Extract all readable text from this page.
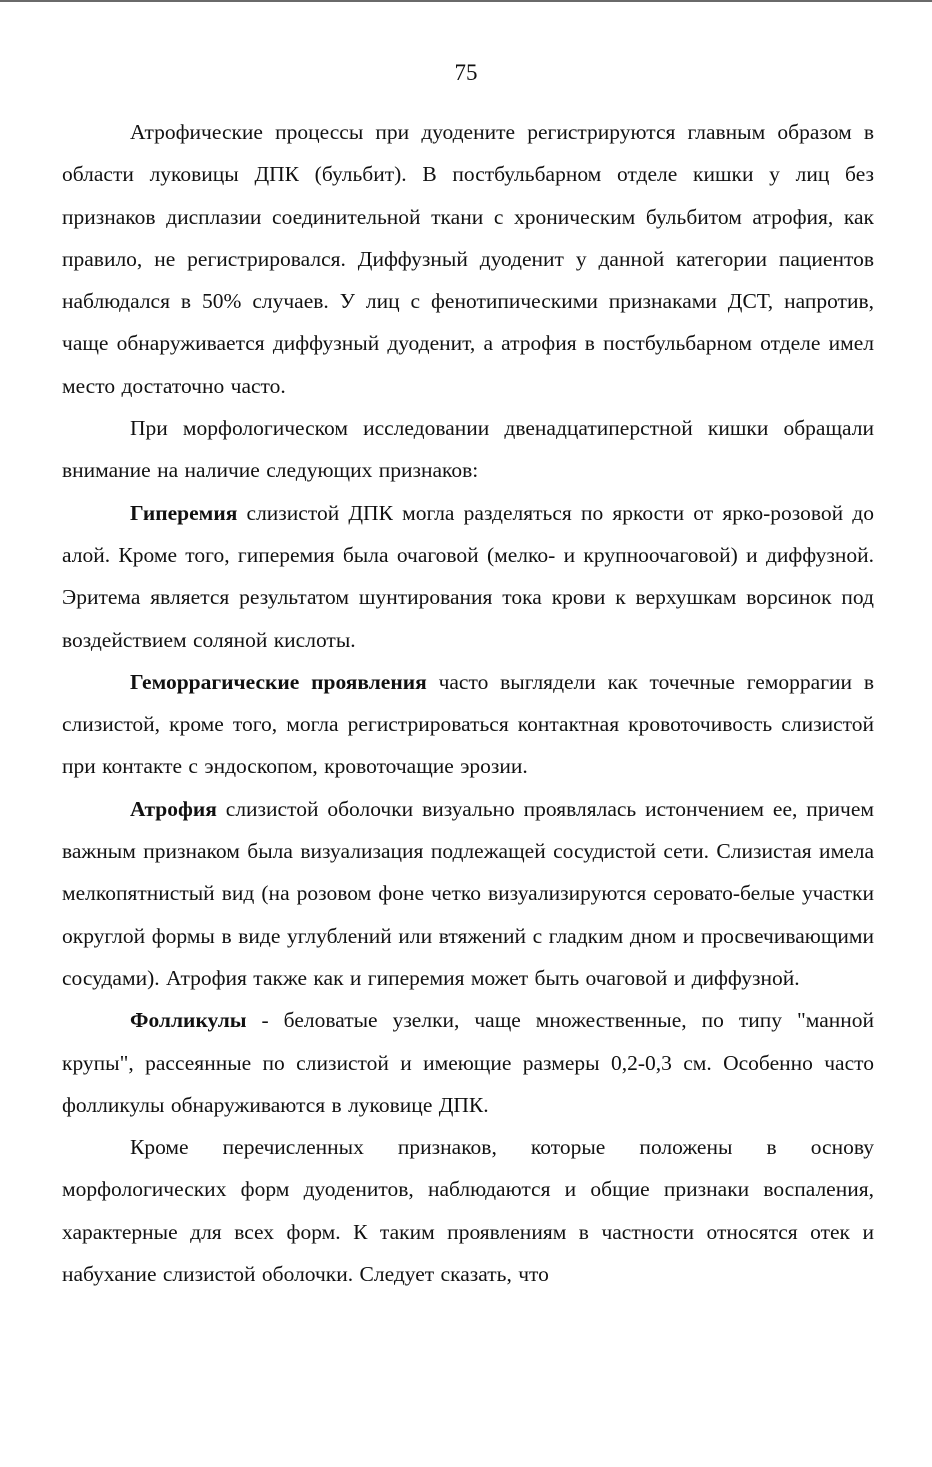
75

Атрофические процессы при дуодените регистрируются главным образом в области луковицы ДПК (бульбит). В постбульбарном отделе кишки у лиц без признаков дисплазии соединительной ткани с хроническим бульбитом атрофия, как правило, не регистрировался. Диффузный дуоденит у данной категории пациентов наблюдался в 50% случаев. У лиц с фенотипическими признаками ДСТ, напротив, чаще обнаруживается диффузный дуоденит, а атрофия в постбульбарном отделе имел место достаточно часто.

При морфологическом исследовании двенадцатиперстной кишки обращали внимание на наличие следующих признаков:

Гиперемия слизистой ДПК могла разделяться по яркости от ярко-розовой до алой. Кроме того, гиперемия была очаговой (мелко- и крупноочаговой) и диффузной. Эритема является результатом шунтирования тока крови к верхушкам ворсинок под воздействием соляной кислоты.

Геморрагические проявления часто выглядели как точечные геморрагии в слизистой, кроме того, могла регистрироваться контактная кровоточивость слизистой при контакте с эндоскопом, кровоточащие эрозии.

Атрофия слизистой оболочки визуально проявлялась истончением ее, причем важным признаком была визуализация подлежащей сосудистой сети. Слизистая имела мелкопятнистый вид (на розовом фоне четко визуализируются серовато-белые участки округлой формы в виде углублений или втяжений с гладким дном и просвечивающими сосудами). Атрофия также как и гиперемия может быть очаговой и диффузной.

Фолликулы - беловатые узелки, чаще множественные, по типу "манной крупы", рассеянные по слизистой и имеющие размеры 0,2-0,3 см. Особенно часто фолликулы обнаруживаются в луковице ДПК.

Кроме перечисленных признаков, которые положены в основу морфологических форм дуоденитов, наблюдаются и общие признаки воспаления, характерные для всех форм. К таким проявлениям в частности относятся отек и набухание слизистой оболочки. Следует сказать, что
